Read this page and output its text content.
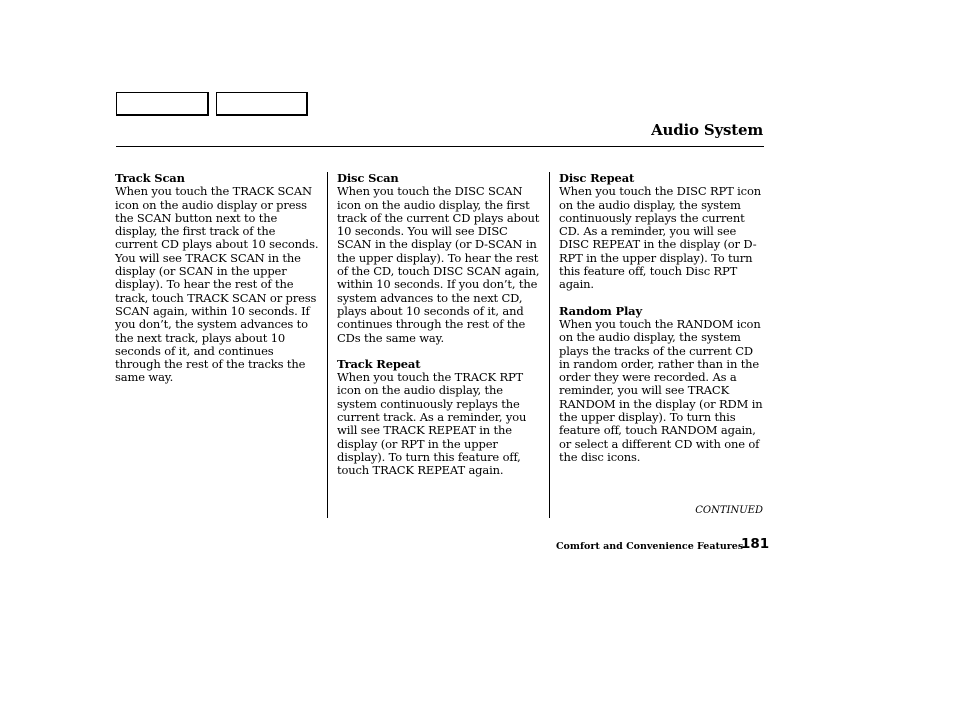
Audio System
Track Scan

When you touch the TRACK SCAN icon on the audio display or press the SCAN button next to the display, the first track of the current CD plays about 10 seconds. You will see TRACK SCAN in the display (or SCAN in the upper display). To hear the rest of the track, touch TRACK SCAN or press SCAN again, within 10 seconds. If you don’t, the system advances to the next track, plays about 10 seconds of it, and continues through the rest of the tracks the same way.

Disc Scan

When you touch the DISC SCAN icon on the audio display, the first track of the current CD plays about 10 seconds. You will see DISC SCAN in the display (or D-SCAN in the upper display). To hear the rest of the CD, touch DISC SCAN again, within 10 seconds. If you don’t, the system advances to the next CD, plays about 10 seconds of it, and continues through the rest of the CDs the same way.

Track Repeat

When you touch the TRACK RPT icon on the audio display, the system continuously replays the current track. As a reminder, you will see TRACK REPEAT in the display (or RPT in the upper display). To turn this feature off, touch TRACK REPEAT again.

Disc Repeat

When you touch the DISC RPT icon on the audio display, the system continuously replays the current CD. As a reminder, you will see DISC REPEAT in the display (or D-RPT in the upper display). To turn this feature off, touch Disc RPT again.

Random Play

When you touch the RANDOM icon on the audio display, the system plays the tracks of the current CD in random order, rather than in the order they were recorded. As a reminder, you will see TRACK RANDOM in the display (or RDM in the upper display). To turn this feature off, touch RANDOM again, or select a different CD with one of the disc icons.

CONTINUED
Comfort and Convenience Features
181
